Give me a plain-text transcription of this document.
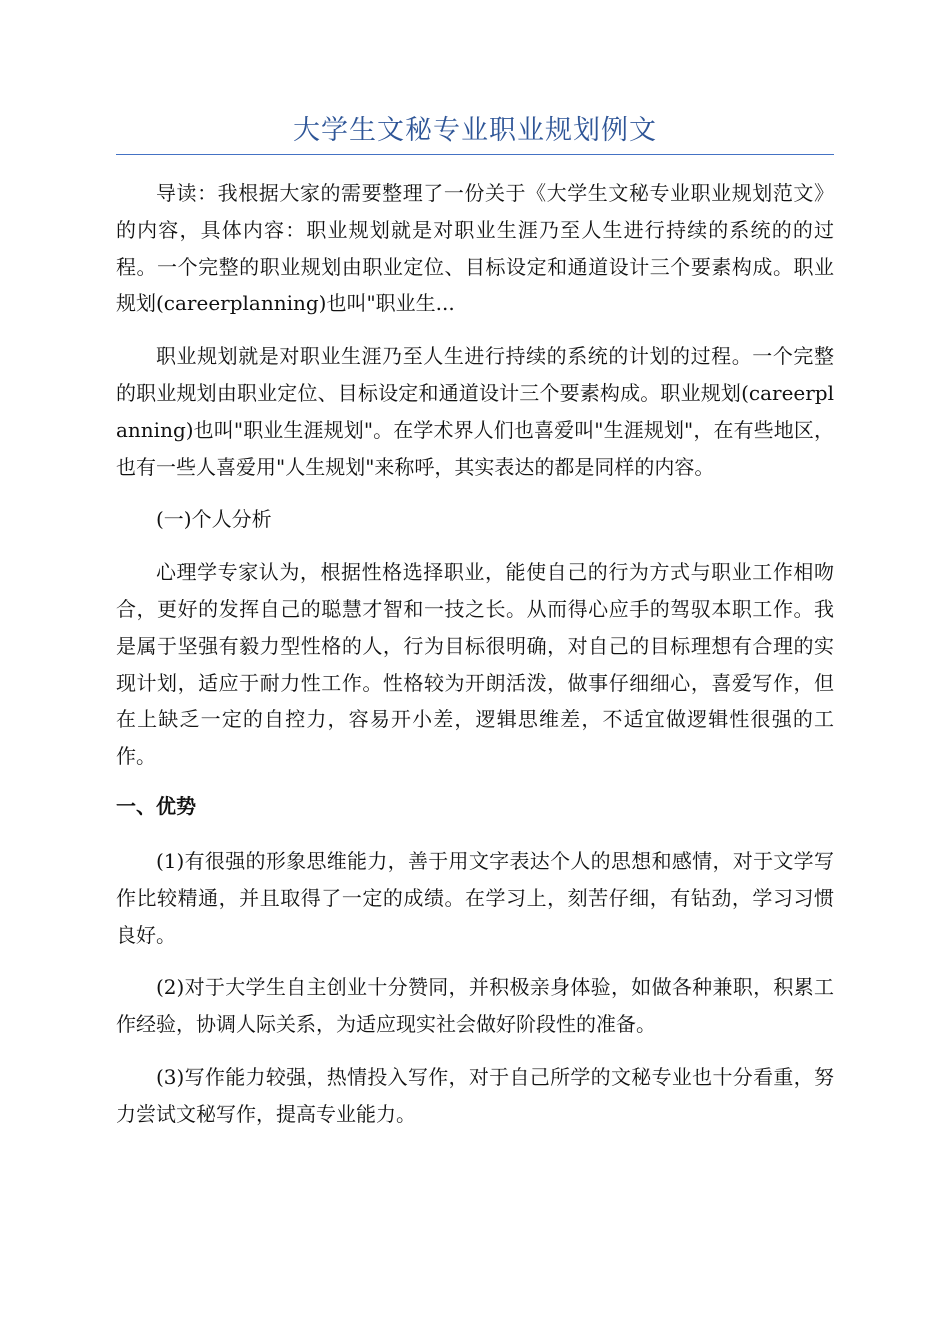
大学生文秘专业职业规划例文

导读：我根据大家的需要整理了一份关于《大学生文秘专业职业规划范文》的内容，具体内容：职业规划就是对职业生涯乃至人生进行持续的系统的的过程。一个完整的职业规划由职业定位、目标设定和通道设计三个要素构成。职业规划(careerplanning)也叫"职业生...

职业规划就是对职业生涯乃至人生进行持续的系统的计划的过程。一个完整的职业规划由职业定位、目标设定和通道设计三个要素构成。职业规划(careerplanning)也叫"职业生涯规划"。在学术界人们也喜爱叫"生涯规划"，在有些地区，也有一些人喜爱用"人生规划"来称呼，其实表达的都是同样的内容。

(一)个人分析

心理学专家认为，根据性格选择职业，能使自己的行为方式与职业工作相吻合，更好的发挥自己的聪慧才智和一技之长。从而得心应手的驾驭本职工作。我是属于坚强有毅力型性格的人，行为目标很明确，对自己的目标理想有合理的实现计划，适应于耐力性工作。性格较为开朗活泼，做事仔细细心，喜爱写作，但在上缺乏一定的自控力，容易开小差，逻辑思维差，不适宜做逻辑性很强的工作。

一、优势

(1)有很强的形象思维能力，善于用文字表达个人的思想和感情，对于文学写作比较精通，并且取得了一定的成绩。在学习上，刻苦仔细，有钻劲，学习习惯良好。

(2)对于大学生自主创业十分赞同，并积极亲身体验，如做各种兼职，积累工作经验，协调人际关系，为适应现实社会做好阶段性的准备。

(3)写作能力较强，热情投入写作，对于自己所学的文秘专业也十分看重，努力尝试文秘写作，提高专业能力。
